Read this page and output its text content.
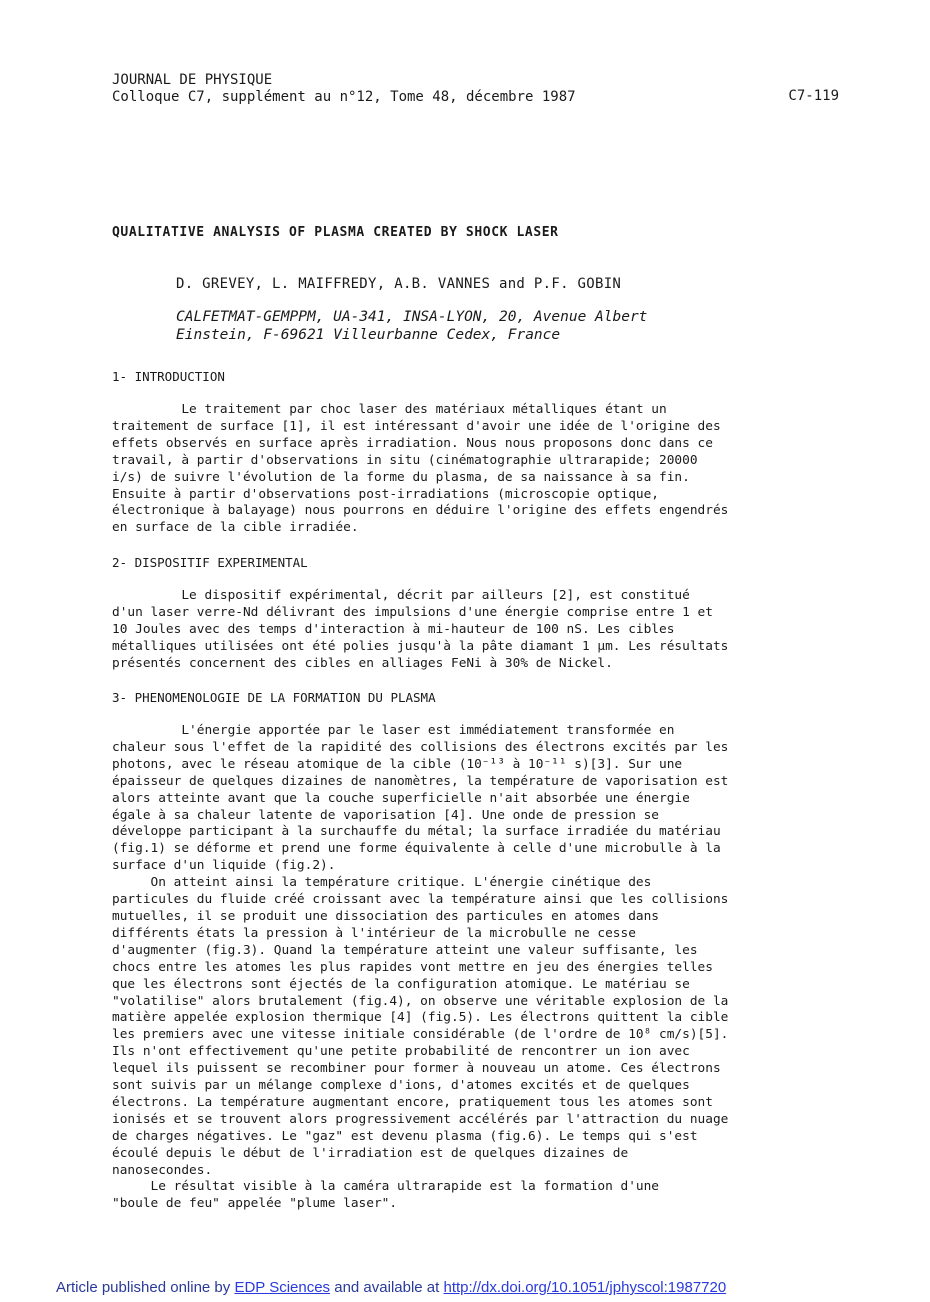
JOURNAL DE PHYSIQUE
Colloque C7, supplément au n°12, Tome 48, décembre 1987	C7-119
QUALITATIVE ANALYSIS OF PLASMA CREATED BY SHOCK LASER
D. GREVEY, L. MAIFFREDY, A.B. VANNES and P.F. GOBIN
CALFETMAT-GEMPPM, UA-341, INSA-LYON, 20, Avenue Albert
Einstein, F-69621 Villeurbanne Cedex, France
1- INTRODUCTION
Le traitement par choc laser des matériaux métalliques étant un
traitement de surface [1], il est intéressant d'avoir une idée de l'origine des
effets observés en surface après irradiation. Nous nous proposons donc dans ce
travail, à partir d'observations in situ (cinématographie ultrarapide; 20000
i/s) de suivre l'évolution de la forme du plasma, de sa naissance à sa fin.
Ensuite à partir d'observations post-irradiations (microscopie optique,
électronique à balayage) nous pourrons en déduire l'origine des effets engendrés
en surface de la cible irradiée.
2- DISPOSITIF EXPERIMENTAL
Le dispositif expérimental, décrit par ailleurs [2], est constitué
d'un laser verre-Nd délivrant des impulsions d'une énergie comprise entre 1 et
10 Joules avec des temps d'interaction à mi-hauteur de 100 nS. Les cibles
métalliques utilisées ont été polies jusqu'à la pâte diamant 1 µm. Les résultats
présentés concernent des cibles en alliages FeNi à 30% de Nickel.
3- PHENOMENOLOGIE DE LA FORMATION DU PLASMA
L'énergie apportée par le laser est immédiatement transformée en
chaleur sous l'effet de la rapidité des collisions des électrons excités par les
photons, avec le réseau atomique de la cible (10⁻¹³ à 10⁻¹¹ s)[3]. Sur une
épaisseur de quelques dizaines de nanomètres, la température de vaporisation est
alors atteinte avant que la couche superficielle n'ait absorbée une énergie
égale à sa chaleur latente de vaporisation [4]. Une onde de pression se
développe participant à la surchauffe du métal; la surface irradiée du matériau
(fig.1) se déforme et prend une forme équivalente à celle d'une microbulle à la
surface d'un liquide (fig.2).
On atteint ainsi la température critique. L'énergie cinétique des
particules du fluide créé croissant avec la température ainsi que les collisions
mutuelles, il se produit une dissociation des particules en atomes dans
différents états la pression à l'intérieur de la microbulle ne cesse
d'augmenter (fig.3). Quand la température atteint une valeur suffisante, les
chocs entre les atomes les plus rapides vont mettre en jeu des énergies telles
que les électrons sont éjectés de la configuration atomique. Le matériau se
"volatilise" alors brutalement (fig.4), on observe une véritable explosion de la
matière appelée explosion thermique [4] (fig.5). Les électrons quittent la cible
les premiers avec une vitesse initiale considérable (de l'ordre de 10⁸ cm/s)[5].
Ils n'ont effectivement qu'une petite probabilité de rencontrer un ion avec
lequel ils puissent se recombiner pour former à nouveau un atome. Ces électrons
sont suivis par un mélange complexe d'ions, d'atomes excités et de quelques
électrons. La température augmentant encore, pratiquement tous les atomes sont
ionisés et se trouvent alors progressivement accélérés par l'attraction du nuage
de charges négatives. Le "gaz" est devenu plasma (fig.6). Le temps qui s'est
écoulé depuis le début de l'irradiation est de quelques dizaines de
nanosecondes.
Le résultat visible à la caméra ultrarapide est la formation d'une
"boule de feu" appelée "plume laser".
Article published online by EDP Sciences and available at http://dx.doi.org/10.1051/jphyscol:1987720
